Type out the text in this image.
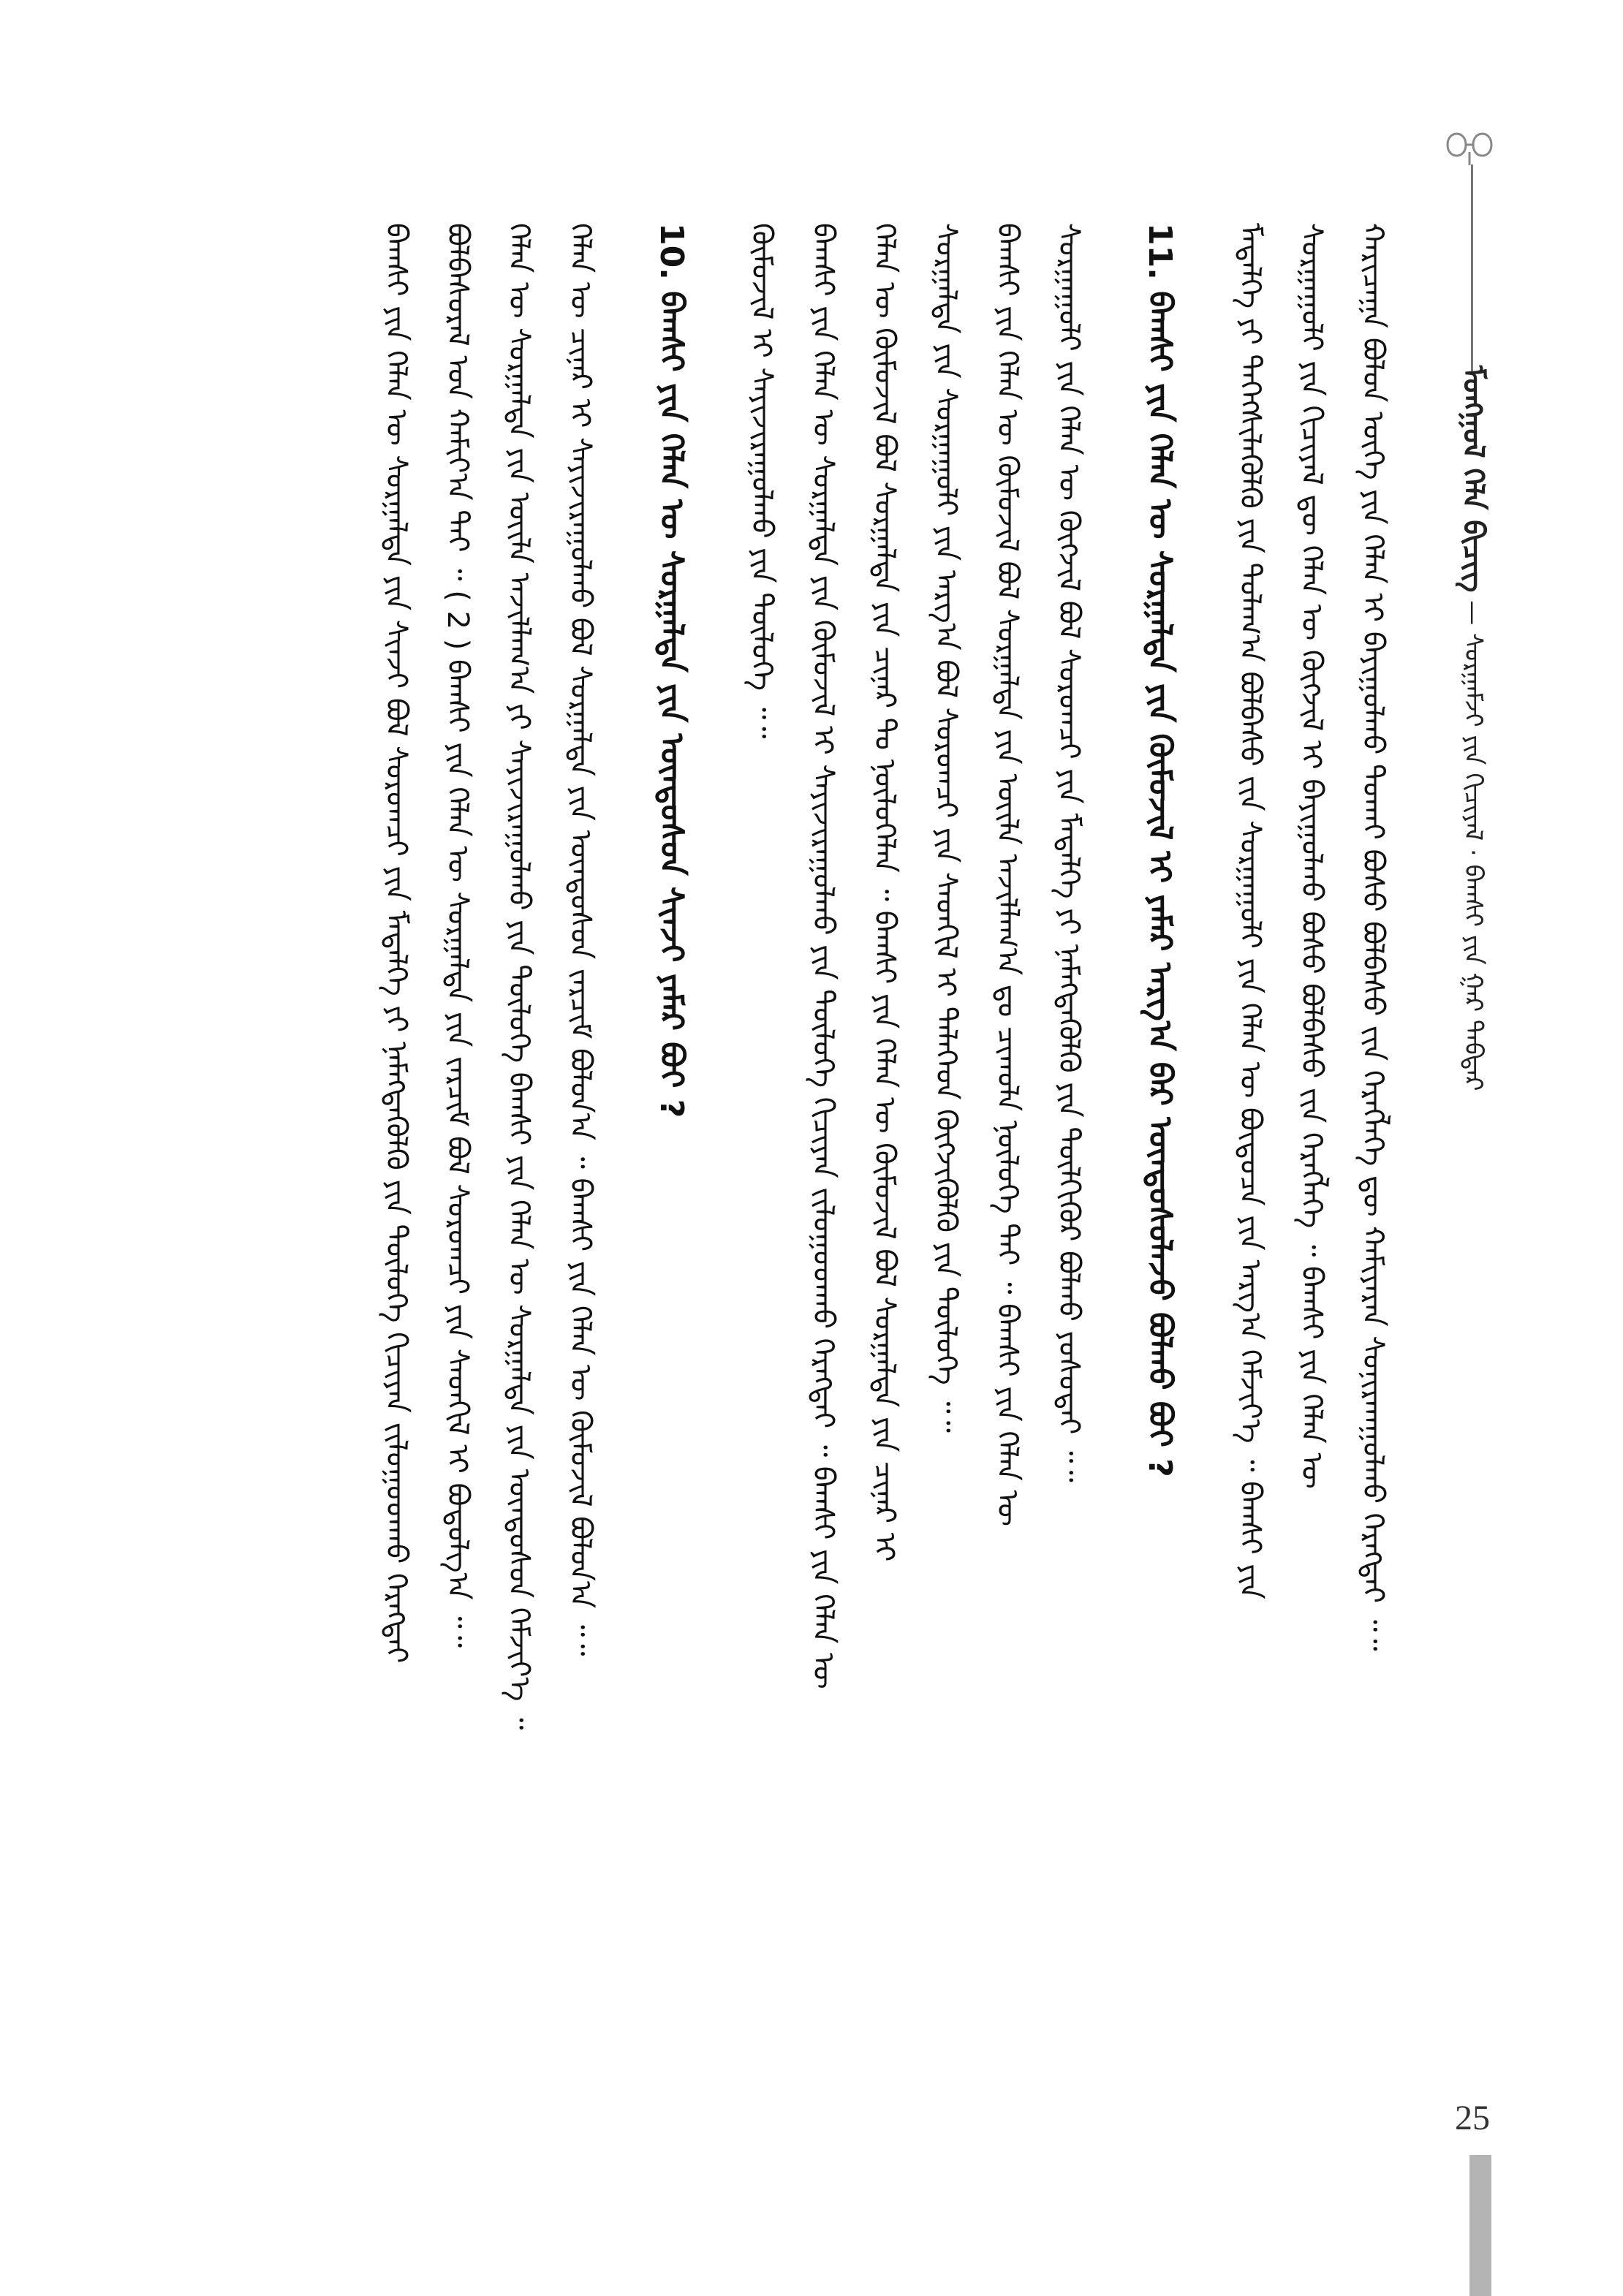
ᠮᠣᠩᠭᠣᠯ ᠬᠡᠯᠡ ᠪᠢᠴᠢᠭ — ᠰᠤᠷᠭᠠᠮᠵᠢ ᠶᠢᠨ ᠬᠢᠴᠢᠶᠡᠯ · ᠪᠠᠭᠰᠢ ᠶᠢᠨ ᠭᠠᠷ ᠳᠡᠪᠲᠡᠷ
ᠬᠠᠷᠢᠴᠠᠭᠠ ᠪᠣᠯᠣᠨ ᠦᠭᠡ ᠶᠢᠨ ᠬᠡᠯᠡᠨ ᠢ ᠪᠠᠶᠢᠭᠤᠯᠬᠤ ᠲᠤᠬᠠᠢ ᠪᠤᠰᠤ ᠪᠣᠯᠪᠠᠰᠤ ᠵᠢᠨ ᠬᠡᠷᠡᠭᠯᠡᠭᠡ ᠳᠦ ᠬᠠᠮᠢᠶᠠᠷᠠᠨ ᠰᠣᠨᠢᠷᠬᠠᠭᠤᠯᠬᠤ ᠬᠡᠷᠡᠭᠲᠡᠢ ᠃᠃
ᠰᠤᠷᠭᠠᠭᠤᠯᠢ ᠶᠢᠨ ᠬᠢᠴᠢᠶᠡᠯ ᠳᠦ ᠬᠡᠯᠡᠨ ᠦ ᠬᠥᠭᠵᠢᠯ ᠢ ᠪᠠᠶᠢᠭᠤᠯᠬᠤ ᠪᠤᠰᠤ ᠪᠣᠯᠪᠠᠰᠤ ᠵᠢᠨ ᠬᠡᠷᠡᠭᠯᠡᠭᠡ ᠃ ᠪᠠᠭᠰᠢ ᠶᠢᠨ ᠬᠡᠯᠡᠨ ᠦ
ᠮᠡᠳᠡᠯᠭᠡ ᠶᠢ ᠳᠡᠭᠡᠭᠰᠢᠯᠡᠭᠦᠯᠬᠦ ᠶᠢᠨ ᠲᠤᠯᠠᠭ᠎ᠠ ᠪᠣᠯᠪᠠᠰᠤ ᠵᠢᠨ ᠰᠤᠷᠭᠠᠭᠤᠯᠢ ᠶᠢᠨ ᠬᠡᠯᠡᠨ ᠦ ᠪᠦᠲᠦᠴᠡ ᠶᠢᠨ ᠠᠷᠭ᠎ᠠ ᠬᠡᠮᠵᠢᠶ᠎ᠡ ᠃ ᠪᠠᠭᠰᠢ ᠶᠢᠨ
11. ᠪᠠᠭᠰᠢ ᠶᠢᠨ ᠬᠡᠯᠡᠨ ᠦ ᠰᠤᠷᠭᠠᠯᠲᠠ ᠶᠢᠨ ᠬᠦᠮᠦᠵᠢᠯ ᠢ ᠶᠠᠮᠠᠷ ᠠᠷᠭ᠎ᠠ ᠪᠠᠷ ᠦᠨᠳᠦᠰᠦᠯᠡᠵᠦ ᠪᠣᠯᠬᠤ ᠪᠤᠢ ?
ᠰᠤᠷᠭᠠᠭᠤᠯᠢ ᠶᠢᠨ ᠬᠡᠯᠡᠨ ᠦ ᠬᠥᠭᠵᠢᠯ ᠪᠣᠯ ᠰᠤᠷᠤᠭᠴᠢ ᠶᠢᠨ ᠮᠡᠳᠡᠯᠭᠡ ᠶᠢ ᠨᠡᠮᠡᠭᠳᠡᠭᠦᠯᠬᠦ ᠶᠢᠨ ᠲᠦᠯᠬᠢᠭᠦᠷ ᠪᠣᠯᠬᠤ ᠶᠣᠰᠣᠲᠠᠢ ᠃᠃
ᠪᠠᠭᠰᠢ ᠶᠢᠨ ᠬᠡᠯᠡᠨ ᠦ ᠬᠦᠮᠦᠵᠢᠯ ᠪᠣᠯ ᠰᠤᠷᠭᠠᠯᠲᠠ ᠶᠢᠨ ᠦᠢᠯᠡ ᠠᠵᠢᠯᠯᠠᠭ᠎ᠠ ᠳᠤ ᠴᠢᠬᠤᠯᠠ ᠨᠥᠯᠦᠭᠡ ᠲᠠᠢ ᠃ ᠪᠠᠭᠰᠢ ᠶᠢᠨ ᠬᠡᠯᠡᠨ ᠦ
ᠰᠤᠷᠭᠠᠯᠲᠠ ᠶᠢᠨ ᠰᠤᠷᠭᠠᠭᠤᠯᠢ ᠶᠢᠨ ᠠᠷᠭ᠎ᠠ ᠪᠣᠯ ᠰᠤᠷᠤᠭᠴᠢ ᠶᠢᠨ ᠰᠡᠳᠬᠢᠯ ᠢ ᠲᠡᠯᠡᠭᠡᠳ ᠬᠥᠭᠵᠢᠭᠦᠯᠬᠦ ᠶᠢᠨ ᠲᠥᠯᠥᠭᠡ ᠃᠃
ᠬᠡᠯᠡᠨ ᠦ ᠬᠦᠮᠦᠵᠢᠯ ᠪᠣᠯ ᠰᠤᠷᠭᠠᠯᠲᠠ ᠶᠢᠨ ᠴᠢᠨᠠᠷ ᠲᠤ ᠨᠥᠯᠦᠭᠡᠯᠡᠨ ᠃ ᠪᠠᠭᠰᠢ ᠶᠢᠨ ᠬᠡᠯᠡᠨ ᠦ ᠬᠦᠮᠦᠵᠢᠯ ᠪᠣᠯ ᠰᠤᠷᠭᠠᠯᠲᠠ ᠶᠢᠨ ᠴᠢᠨᠠᠷ ᠢ
ᠪᠠᠭᠰᠢ ᠶᠢᠨ ᠬᠡᠯᠡᠨ ᠦ ᠰᠤᠷᠭᠠᠯᠲᠠ ᠶᠢᠨ ᠬᠦᠮᠦᠵᠢᠯ ᠢ ᠰᠠᠶᠢᠵᠢᠷᠠᠭᠤᠯᠬᠤ ᠶᠢᠨ ᠲᠥᠯᠥᠭᠡ ᠬᠢᠴᠢᠶᠡᠨ ᠵᠢᠯᠤᠭᠤᠳᠬᠤ ᠬᠡᠷᠡᠭᠲᠡᠢ ᠃ ᠪᠠᠭᠰᠢ ᠶᠢᠨ ᠬᠡᠯᠡᠨ ᠦ
ᠬᠦᠮᠦᠵᠢᠯ ᠢ ᠰᠠᠶᠢᠵᠢᠷᠠᠭᠤᠯᠬᠤ ᠶᠢᠨ ᠲᠥᠯᠥᠭᠡ ᠃᠃
10. ᠪᠠᠭᠰᠢ ᠶᠢᠨ ᠬᠡᠯᠡᠨ ᠦ ᠰᠤᠷᠭᠠᠯᠲᠠ ᠶᠢᠨ ᠦᠨᠳᠦᠰᠦᠨ ᠰᠢᠨᠵᠢ ᠶᠠᠮᠠᠷ ᠪᠤᠢ ?
ᠬᠡᠯᠡᠨ ᠦ ᠴᠢᠨᠠᠷ ᠢ ᠰᠠᠶᠢᠵᠢᠷᠠᠭᠤᠯᠬᠤ ᠪᠣᠯ ᠰᠤᠷᠭᠠᠯᠲᠠ ᠶᠢᠨ ᠦᠨᠳᠦᠰᠦᠨ ᠵᠠᠷᠴᠢᠮ ᠪᠣᠯᠤᠨ᠎ᠠ ᠃ ᠪᠠᠭᠰᠢ ᠶᠢᠨ ᠬᠡᠯᠡᠨ ᠦ ᠬᠦᠮᠦᠵᠢᠯ ᠪᠣᠯᠤᠨ᠎ᠠ ᠃᠃
ᠬᠡᠯᠡᠨ ᠦ ᠰᠤᠷᠭᠠᠯᠲᠠ ᠶᠢᠨ ᠦᠢᠯᠡ ᠠᠵᠢᠯᠯᠠᠭ᠎ᠠ ᠶᠢ ᠰᠠᠶᠢᠵᠢᠷᠠᠭᠤᠯᠬᠤ ᠶᠢᠨ ᠲᠥᠯᠥᠭᠡ ᠪᠠᠭᠰᠢ ᠶᠢᠨ ᠬᠡᠯᠡᠨ ᠦ ᠰᠤᠷᠭᠠᠯᠲᠠ ᠶᠢᠨ ᠦᠨᠳᠦᠰᠦᠨ ᠬᠡᠮᠵᠢᠶ᠎ᠡ ᠃
ᠪᠣᠯᠪᠠᠰᠤᠷᠠᠯ ᠤᠨ ᠬᠠᠮᠢᠶ᠎ᠠ ᠲᠠᠢ ᠃ ( 2 ) ᠪᠠᠭᠰᠢ ᠶᠢᠨ ᠬᠡᠯᠡᠨ ᠦ ᠰᠤᠷᠭᠠᠯᠲᠠ ᠶᠢᠨ ᠵᠠᠷᠴᠢᠮ ᠪᠣᠯ ᠰᠤᠷᠤᠭᠴᠢ ᠶᠢᠨ ᠰᠡᠳᠬᠢᠯ ᠢ ᠪᠣᠳᠣᠯᠭ᠎ᠠ ᠃᠃
ᠪᠠᠭᠰᠢ ᠶᠢᠨ ᠬᠡᠯᠡᠨ ᠦ ᠰᠤᠷᠭᠠᠯᠲᠠ ᠶᠢᠨ ᠰᠢᠨᠵᠢ ᠪᠣᠯ ᠰᠤᠷᠤᠭᠴᠢ ᠶᠢᠨ ᠮᠡᠳᠡᠯᠭᠡ ᠶᠢ ᠨᠡᠮᠡᠭᠳᠡᠭᠦᠯᠬᠦ ᠶᠢᠨ ᠲᠥᠯᠥᠭᠡ ᠬᠢᠴᠢᠶᠡᠨ ᠵᠢᠯᠤᠭᠤᠳᠬᠤ ᠬᠡᠷᠡᠭᠲᠡᠢ
25
